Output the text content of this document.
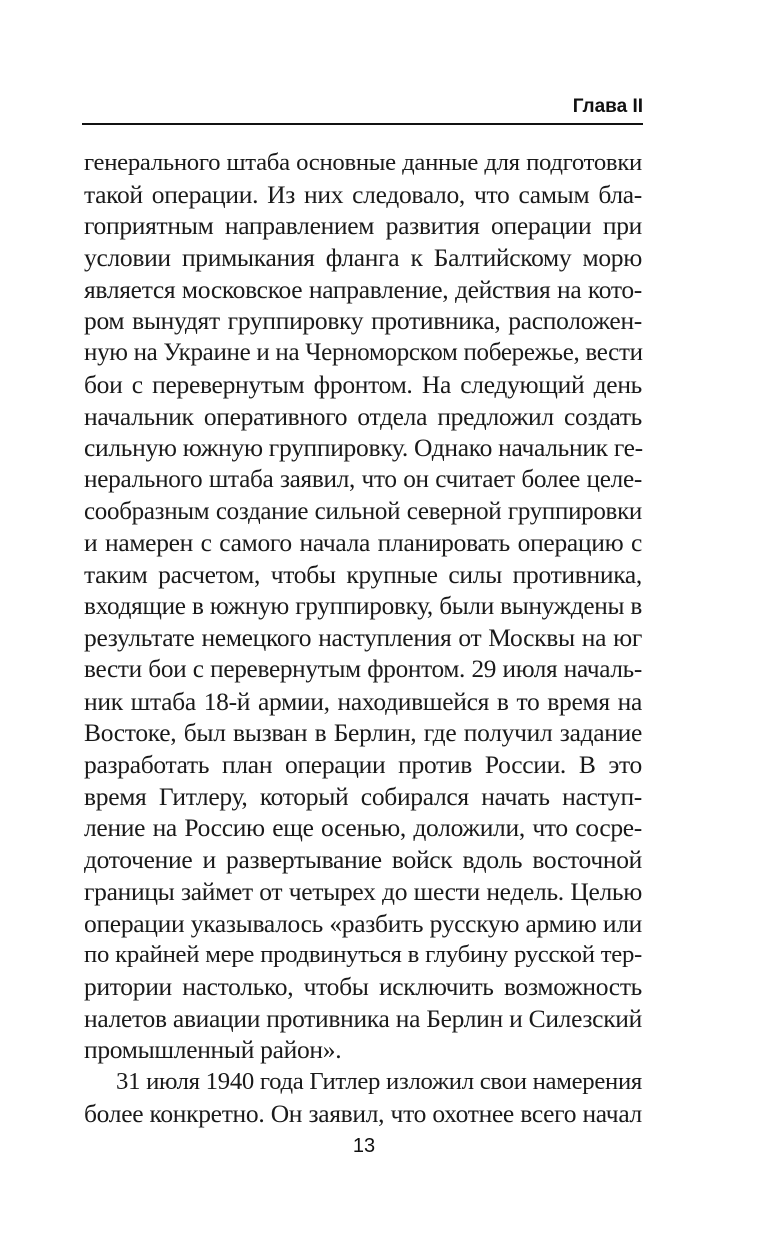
Глава II
генерального штаба основные данные для подготовки
такой операции. Из них следовало, что самым бла-
гоприятным направлением развития операции при
условии примыкания фланга к Балтийскому морю
является московское направление, действия на кото-
ром вынудят группировку противника, расположен-
ную на Украине и на Черноморском побережье, вести
бои с перевернутым фронтом. На следующий день
начальник оперативного отдела предложил создать
сильную южную группировку. Однако начальник ге-
нерального штаба заявил, что он считает более целе-
сообразным создание сильной северной группировки
и намерен с самого начала планировать операцию с
таким расчетом, чтобы крупные силы противника,
входящие в южную группировку, были вынуждены в
результате немецкого наступления от Москвы на юг
вести бои с перевернутым фронтом. 29 июля началь-
ник штаба 18-й армии, находившейся в то время на
Востоке, был вызван в Берлин, где получил задание
разработать план операции против России. В это
время Гитлеру, который собирался начать наступ-
ление на Россию еще осенью, доложили, что сосре-
доточение и развертывание войск вдоль восточной
границы займет от четырех до шести недель. Целью
операции указывалось «разбить русскую армию или
по крайней мере продвинуться в глубину русской тер-
ритории настолько, чтобы исключить возможность
налетов авиации противника на Берлин и Силезский
промышленный район».
31 июля 1940 года Гитлер изложил свои намерения
более конкретно. Он заявил, что охотнее всего начал
13
